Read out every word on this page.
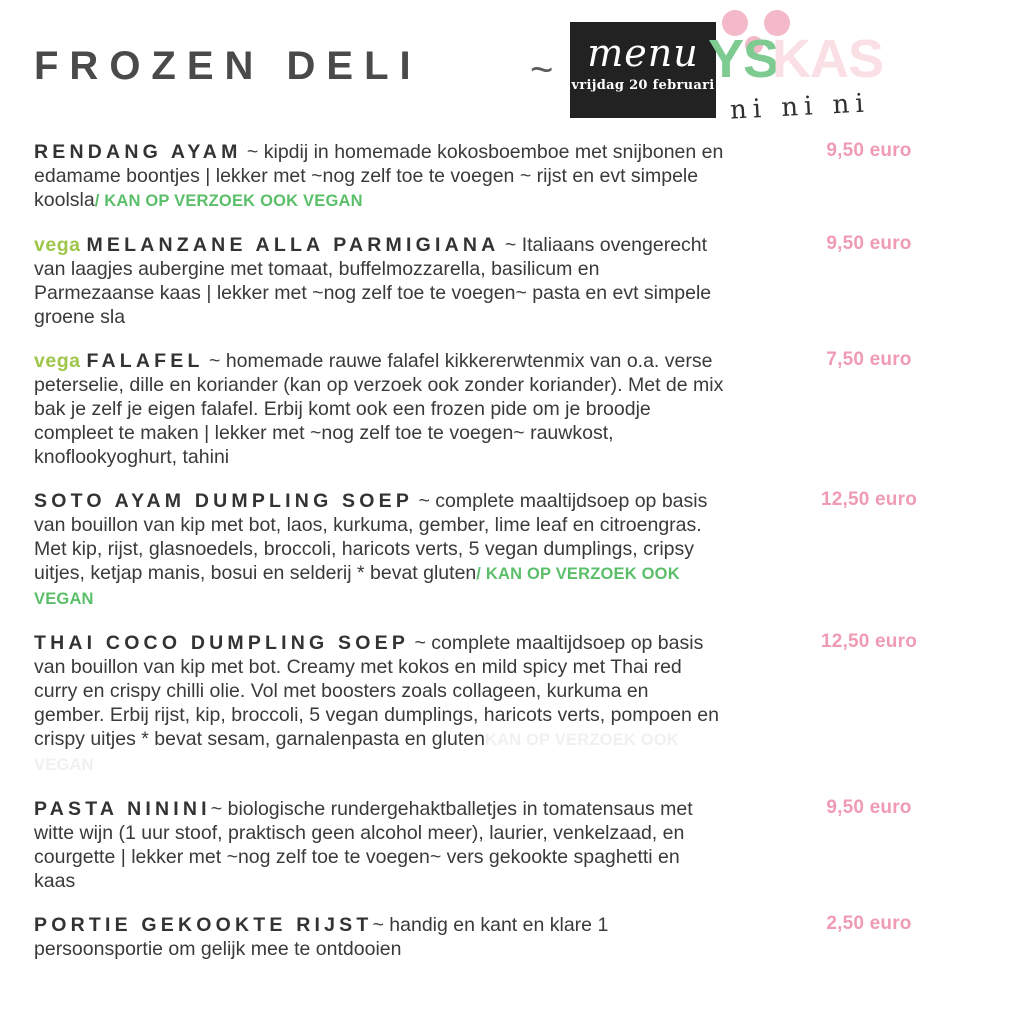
FROZEN DELI	~ menu
vrijdag 20 februari
YS
KAS
ni ni ni

RENDANG AYAM ~ kipdij in homemade kokosboemboe met snijbonen en edamame boontjes | lekker met ~nog zelf toe te voegen ~ rijst en evt simpele koolsla/ KAN OP VERZOEK OOK VEGAN

9,50 euro

vega MELANZANE ALLA PARMIGIANA ~ Italiaans ovengerecht van laagjes aubergine met tomaat, buffelmozzarella, basilicum en Parmezaanse kaas | lekker met ~nog zelf toe te voegen~ pasta en evt simpele groene sla

9,50 euro

vega FALAFEL ~ homemade rauwe falafel kikkererwtenmix van o.a. verse peterselie, dille en koriander (kan op verzoek ook zonder koriander). Met de mix bak je zelf je eigen falafel. Erbij komt ook een frozen pide om je broodje compleet te maken | lekker met ~nog zelf toe te voegen~ rauwkost, knoflookyoghurt, tahini

7,50 euro

SOTO AYAM DUMPLING SOEP ~ complete maaltijdsoep op basis van bouillon van kip met bot, laos, kurkuma, gember, lime leaf en citroengras. Met kip, rijst, glasnoedels, broccoli, haricots verts, 5 vegan dumplings, cripsy uitjes, ketjap manis, bosui en selderij * bevat gluten/ KAN OP VERZOEK OOK VEGAN

12,50 euro

THAI COCO DUMPLING SOEP ~ complete maaltijdsoep op basis van bouillon van kip met bot. Creamy met kokos en mild spicy met Thai red curry en crispy chilli olie. Vol met boosters zoals collageen, kurkuma en gember. Erbij rijst, kip, broccoli, 5 vegan dumplings, haricots verts, pompoen en crispy uitjes * bevat sesam, garnalenpasta en glutenKAN OP VERZOEK OOK VEGAN

12,50 euro

PASTA NININI~ biologische rundergehaktballetjes in tomatensaus met witte wijn (1 uur stoof, praktisch geen alcohol meer), laurier, venkelzaad, en courgette | lekker met ~nog zelf toe te voegen~ vers gekookte spaghetti en kaas

9,50 euro

PORTIE GEKOOKTE RIJST~ handig en kant en klare 1 persoonsportie om gelijk mee te ontdooien

2,50 euro
